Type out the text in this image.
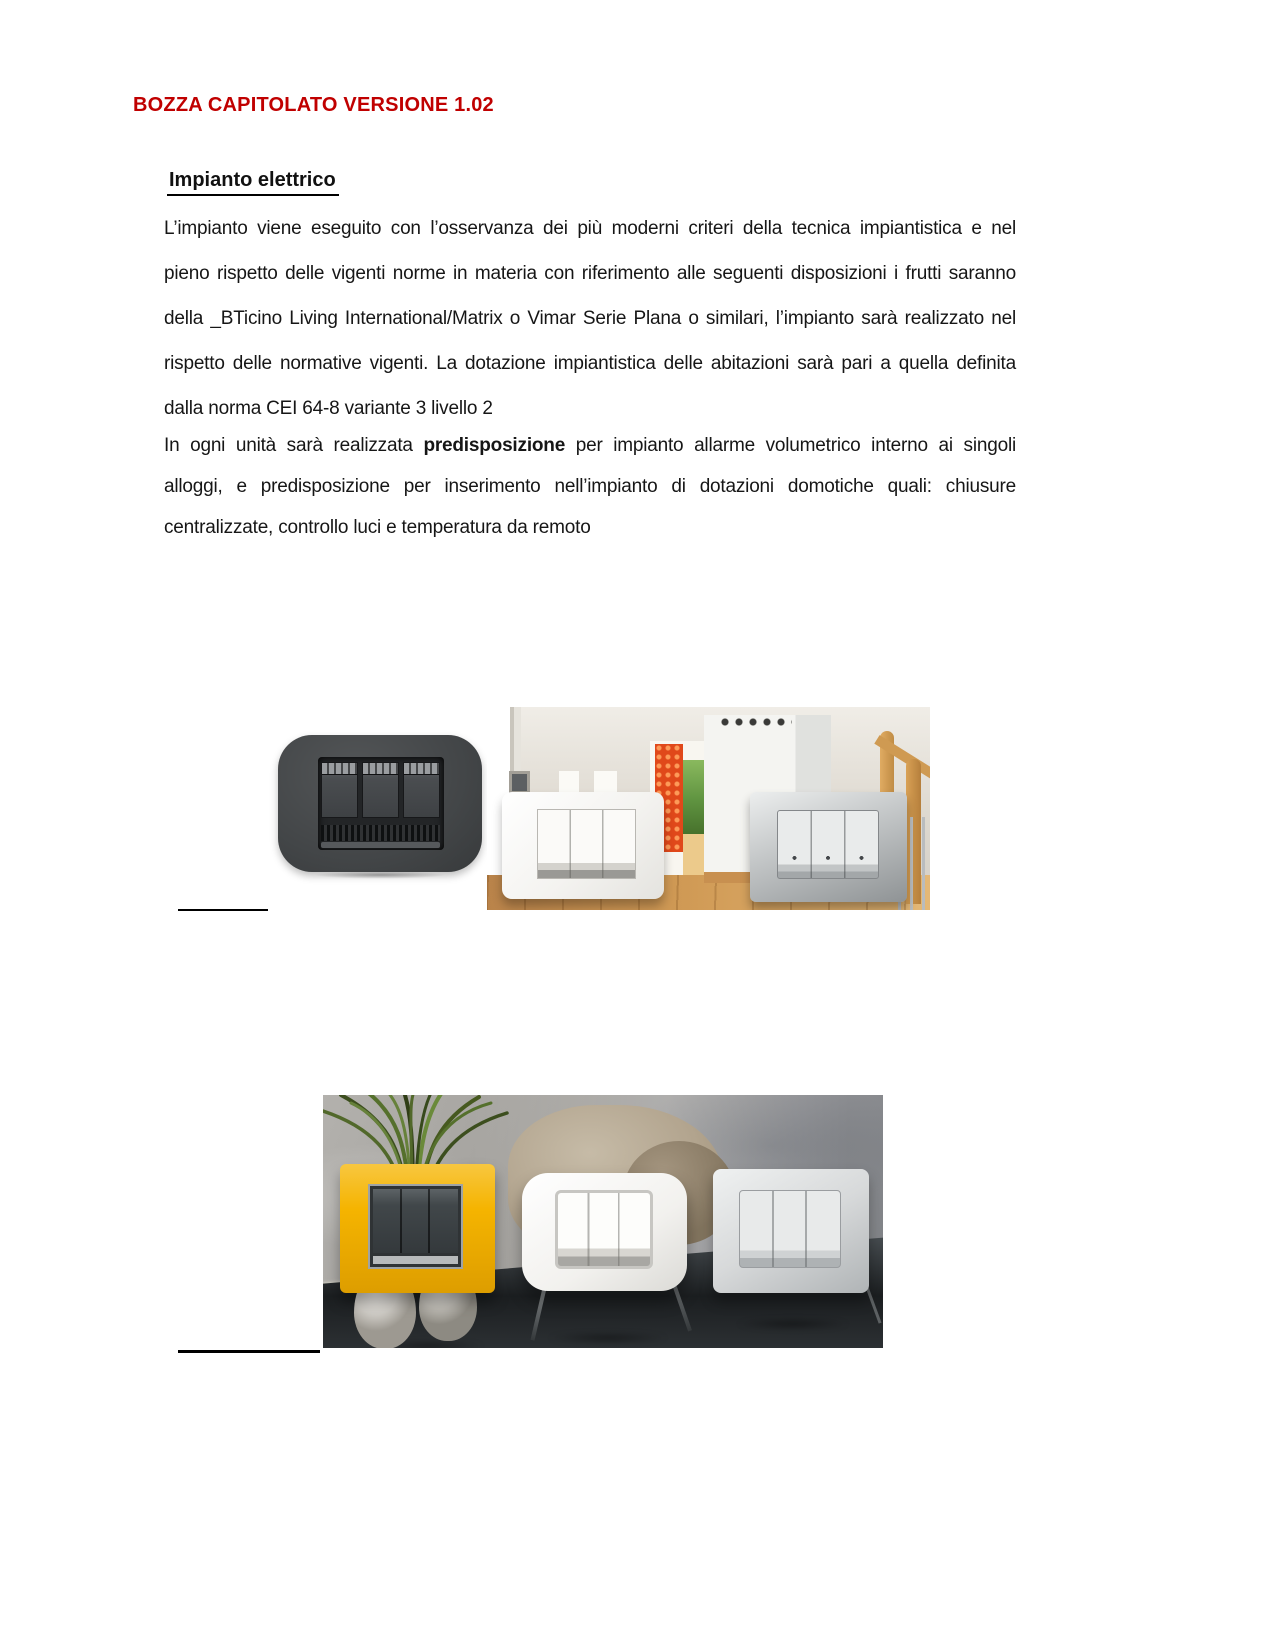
BOZZA CAPITOLATO VERSIONE 1.02
Impianto elettrico
L’impianto viene eseguito con l’osservanza dei più moderni criteri della tecnica impiantistica e nel
pieno rispetto delle vigenti norme in materia con riferimento alle seguenti disposizioni i frutti saranno
della _BTicino Living International/Matrix o Vimar Serie Plana o similari, l’impianto sarà realizzato nel
rispetto delle normative vigenti. La dotazione impiantistica delle abitazioni sarà pari a quella definita
dalla norma CEI 64-8 variante 3 livello 2
In ogni unità sarà realizzata predisposizione per impianto allarme volumetrico interno ai singoli
alloggi, e predisposizione per inserimento nell’impianto di dotazioni domotiche quali: chiusure
centralizzate, controllo luci e temperatura da remoto
